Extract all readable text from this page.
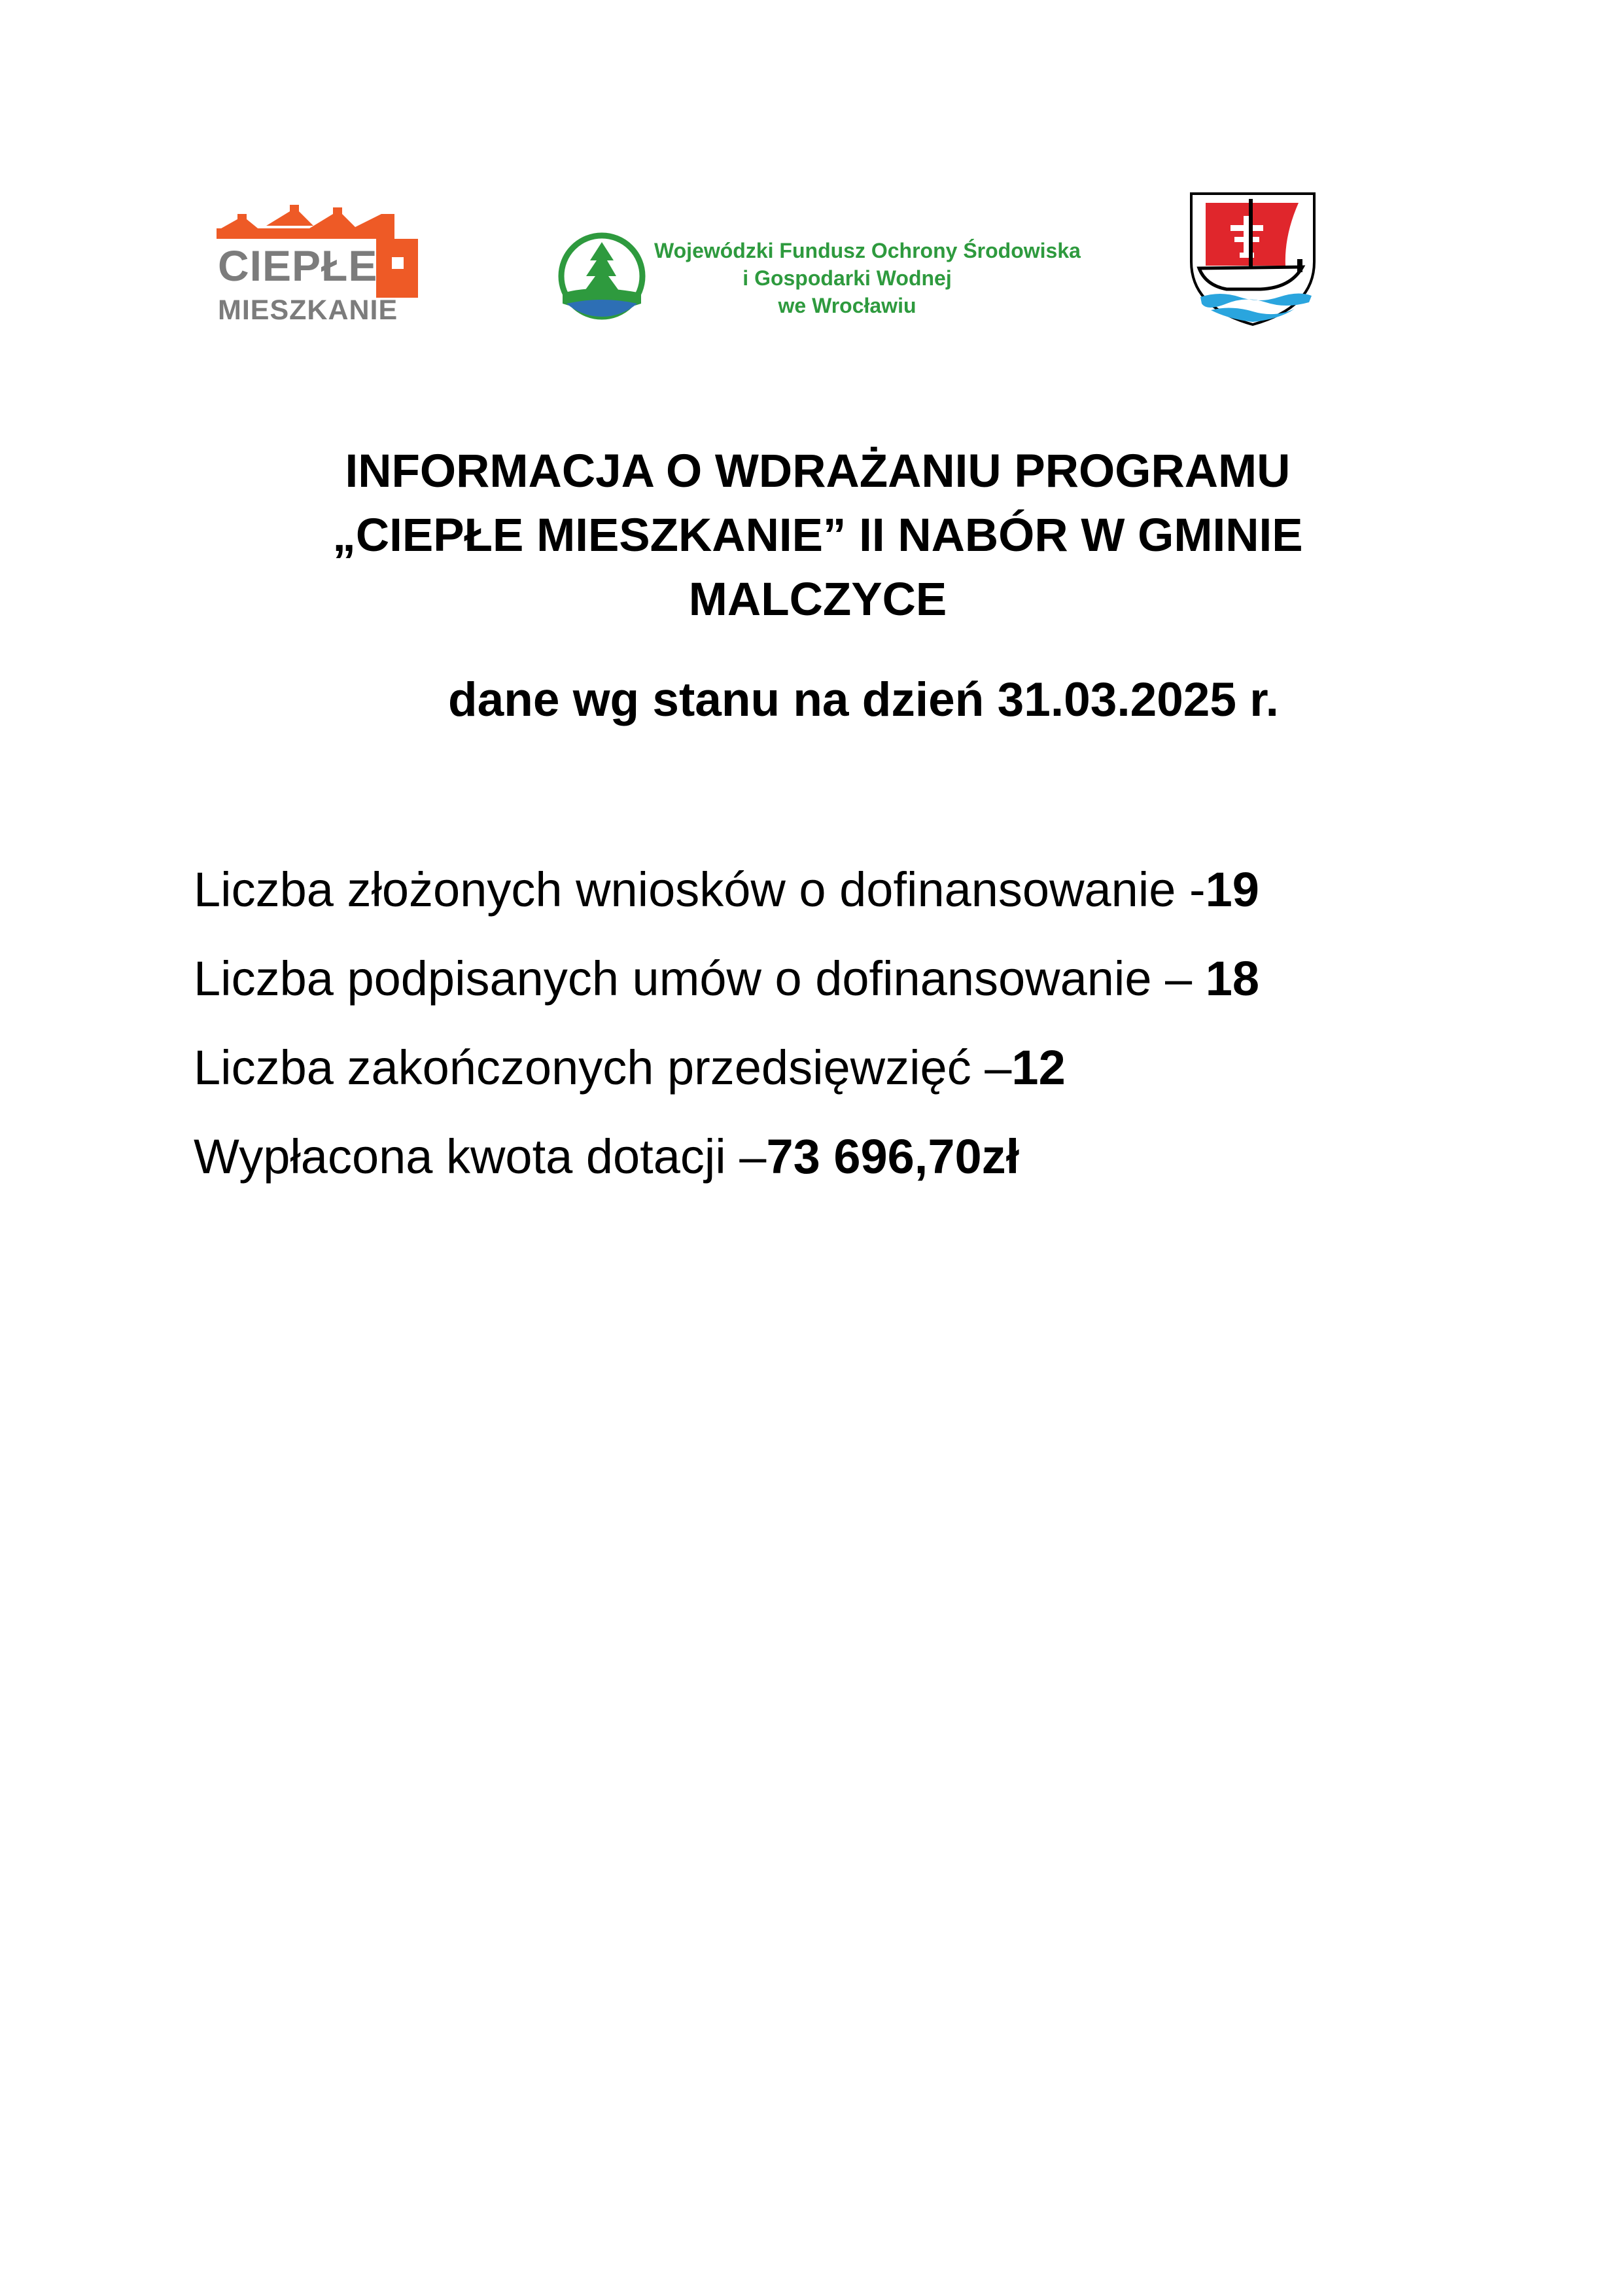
CIEPŁE
MIESZKANIE
Wojewódzki Fundusz Ochrony Środowiska
i Gospodarki Wodnej
we Wrocławiu
INFORMACJA O WDRAŻANIU PROGRAMU
„CIEPŁE MIESZKANIE” II NABÓR W GMINIE
MALCZYCE
dane wg stanu na dzień 31.03.2025 r.
Liczba złożonych wniosków o dofinansowanie -19
Liczba podpisanych umów o dofinansowanie – 18
Liczba zakończonych przedsięwzięć –12
Wypłacona kwota dotacji –73 696,70zł
